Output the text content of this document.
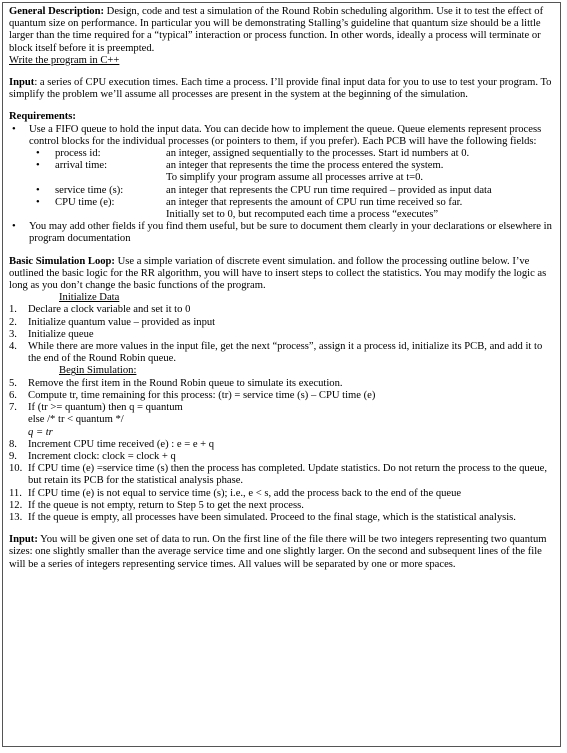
General Description: Design, code and test a simulation of the Round Robin scheduling algorithm. Use it to test the effect of quantum size on performance. In particular you will be demonstrating Stalling’s guideline that quantum size should be a little larger than the time required for a “typical” interaction or process function. In other words, ideally a process will terminate or block itself before it is preempted.

Write the program in C++

Input: a series of CPU execution times. Each time a process. I’ll provide final input data for you to use to test your program. To simplify the problem we’ll assume all processes are present in the system at the beginning of the simulation.

Requirements:

• Use a FIFO queue to hold the input data. You can decide how to implement the queue. Queue elements represent process control blocks for the individual processes (or pointers to them, if you prefer). Each PCB will have the following fields:
• process id:	an integer, assigned sequentially to the processes. Start id numbers at 0.
• arrival time:	an integer that represents the time the process entered the system.
To simplify your program assume all processes arrive at t=0.
• service time (s):	an integer that represents the CPU run time required – provided as input data
• CPU time (e):	an integer that represents the amount of CPU run time received so far.
Initially set to 0, but recomputed each time a process “executes”
• You may add other fields if you find them useful, but be sure to document them clearly in your declarations or elsewhere in program documentation

Basic Simulation Loop: Use a simple variation of discrete event simulation. and follow the processing outline below. I’ve outlined the basic logic for the RR algorithm, you will have to insert steps to collect the statistics. You may modify the logic as long as you don’t change the basic functions of the program.

Initialize Data

1. Declare a clock variable and set it to 0
2. Initialize quantum value – provided as input
3. Initialize queue
4. While there are more values in the input file, get the next “process”, assign it a process id, initialize its PCB, and add it to the end of the Round Robin queue.

Begin Simulation:

5. Remove the first item in the Round Robin queue to simulate its execution.
6. Compute tr, time remaining for this process: (tr) = service time (s) – CPU time (e)
7. If (tr >= quantum) then q = quantum
else /* tr < quantum */
q = tr
8. Increment CPU time received (e) : e = e + q
9. Increment clock: clock = clock + q
10. If CPU time (e) =service time (s) then the process has completed. Update statistics. Do not return the process to the queue, but retain its PCB for the statistical analysis phase.
11. If CPU time (e) is not equal to service time (s); i.e., e < s, add the process back to the end of the queue
12. If the queue is not empty, return to Step 5 to get the next process.
13. If the queue is empty, all processes have been simulated. Proceed to the final stage, which is the statistical analysis.

Input: You will be given one set of data to run. On the first line of the file there will be two integers representing two quantum sizes: one slightly smaller than the average service time and one slightly larger. On the second and subsequent lines of the file will be a series of integers representing service times. All values will be separated by one or more spaces.
